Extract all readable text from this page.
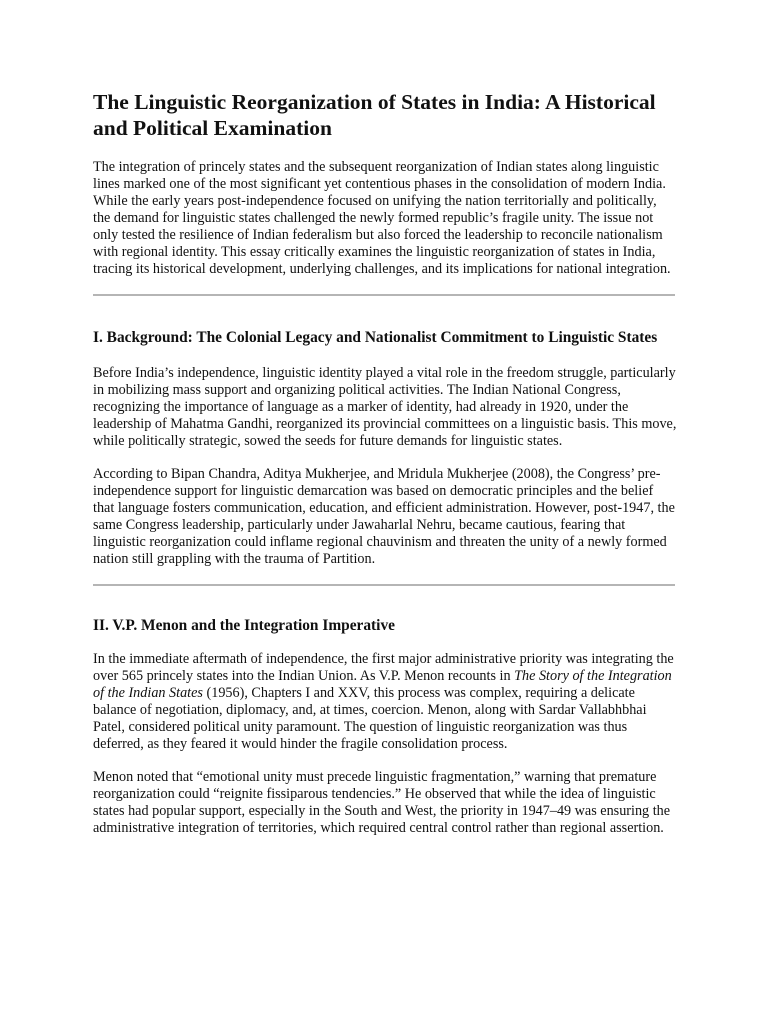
The Linguistic Reorganization of States in India: A Historical and Political Examination

The integration of princely states and the subsequent reorganization of Indian states along linguistic lines marked one of the most significant yet contentious phases in the consolidation of modern India. While the early years post-independence focused on unifying the nation territorially and politically, the demand for linguistic states challenged the newly formed republic’s fragile unity. The issue not only tested the resilience of Indian federalism but also forced the leadership to reconcile nationalism with regional identity. This essay critically examines the linguistic reorganization of states in India, tracing its historical development, underlying challenges, and its implications for national integration.

I. Background: The Colonial Legacy and Nationalist Commitment to Linguistic States

Before India’s independence, linguistic identity played a vital role in the freedom struggle, particularly in mobilizing mass support and organizing political activities. The Indian National Congress, recognizing the importance of language as a marker of identity, had already in 1920, under the leadership of Mahatma Gandhi, reorganized its provincial committees on a linguistic basis. This move, while politically strategic, sowed the seeds for future demands for linguistic states.

According to Bipan Chandra, Aditya Mukherjee, and Mridula Mukherjee (2008), the Congress’ pre-independence support for linguistic demarcation was based on democratic principles and the belief that language fosters communication, education, and efficient administration. However, post-1947, the same Congress leadership, particularly under Jawaharlal Nehru, became cautious, fearing that linguistic reorganization could inflame regional chauvinism and threaten the unity of a newly formed nation still grappling with the trauma of Partition.

II. V.P. Menon and the Integration Imperative

In the immediate aftermath of independence, the first major administrative priority was integrating the over 565 princely states into the Indian Union. As V.P. Menon recounts in The Story of the Integration of the Indian States (1956), Chapters I and XXV, this process was complex, requiring a delicate balance of negotiation, diplomacy, and, at times, coercion. Menon, along with Sardar Vallabhbhai Patel, considered political unity paramount. The question of linguistic reorganization was thus deferred, as they feared it would hinder the fragile consolidation process.

Menon noted that “emotional unity must precede linguistic fragmentation,” warning that premature reorganization could “reignite fissiparous tendencies.” He observed that while the idea of linguistic states had popular support, especially in the South and West, the priority in 1947–49 was ensuring the administrative integration of territories, which required central control rather than regional assertion.
